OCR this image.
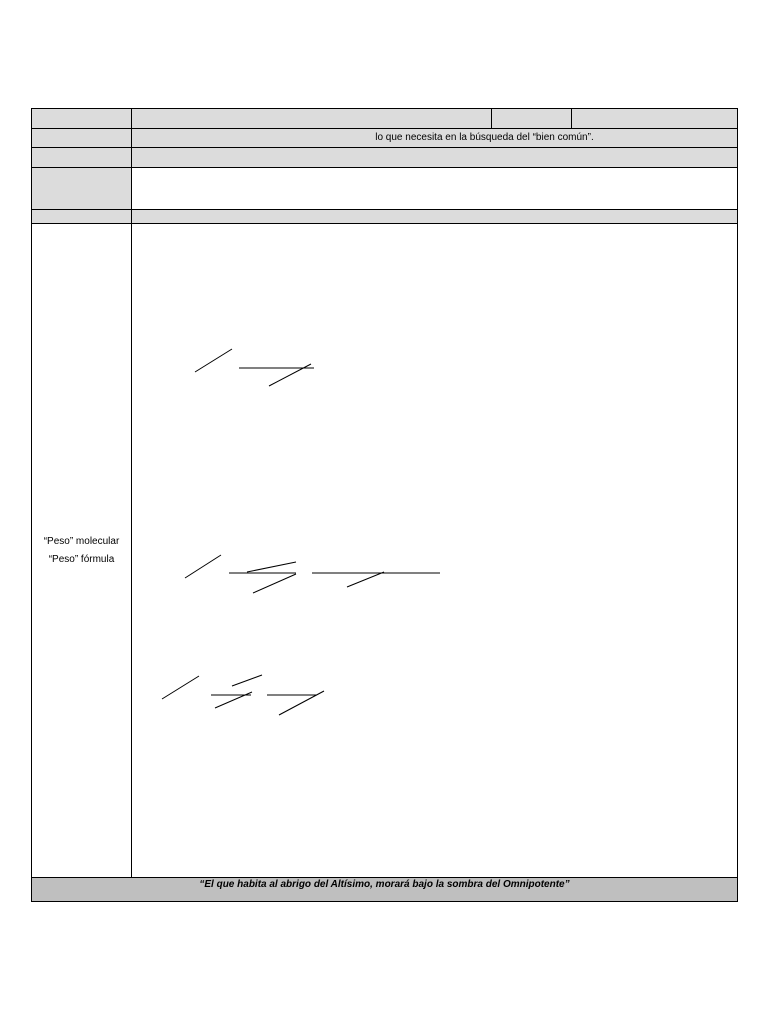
lo que necesita en la búsqueda del “bien común”.
“Peso” molecular
“Peso” fórmula
“El que habita al abrigo del Altísimo, morará bajo la sombra del Omnipotente”
